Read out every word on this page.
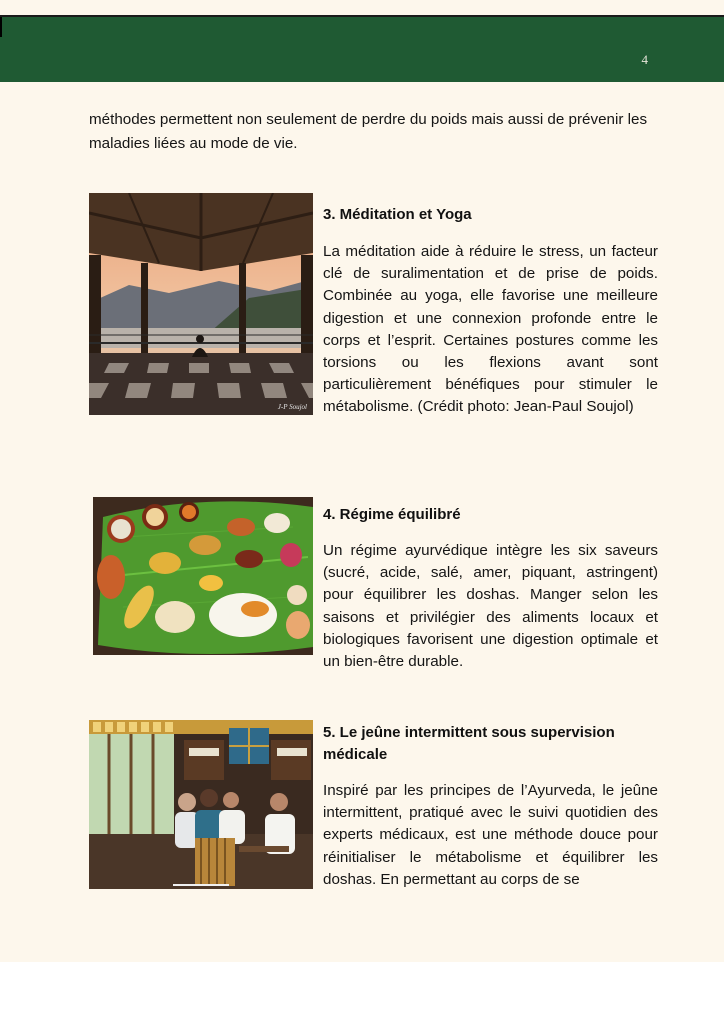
4

méthodes permettent non seulement de perdre du poids mais aussi de prévenir les maladies liées au mode de vie.

J-P Soujol
3. Méditation et Yoga

La méditation aide à réduire le stress, un facteur clé de suralimentation et de prise de poids. Combinée au yoga, elle favorise une meilleure digestion et une connexion profonde entre le corps et l’esprit. Certaines postures comme les torsions ou les flexions avant sont particulièrement bénéfiques pour stimuler le métabolisme. (Crédit photo: Jean-Paul Soujol)

4. Régime équilibré

Un régime ayurvédique intègre les six saveurs (sucré, acide, salé, amer, piquant, astringent) pour équilibrer les doshas. Manger selon les saisons et privilégier des aliments locaux et biologiques favorisent une digestion optimale et un bien-être durable.

5. Le jeûne intermittent sous supervision médicale

Inspiré par les principes de l’Ayurveda, le jeûne intermittent, pratiqué avec le suivi quotidien des experts médicaux, est une méthode douce pour réinitialiser le métabolisme et équilibrer les doshas. En permettant au corps de se
